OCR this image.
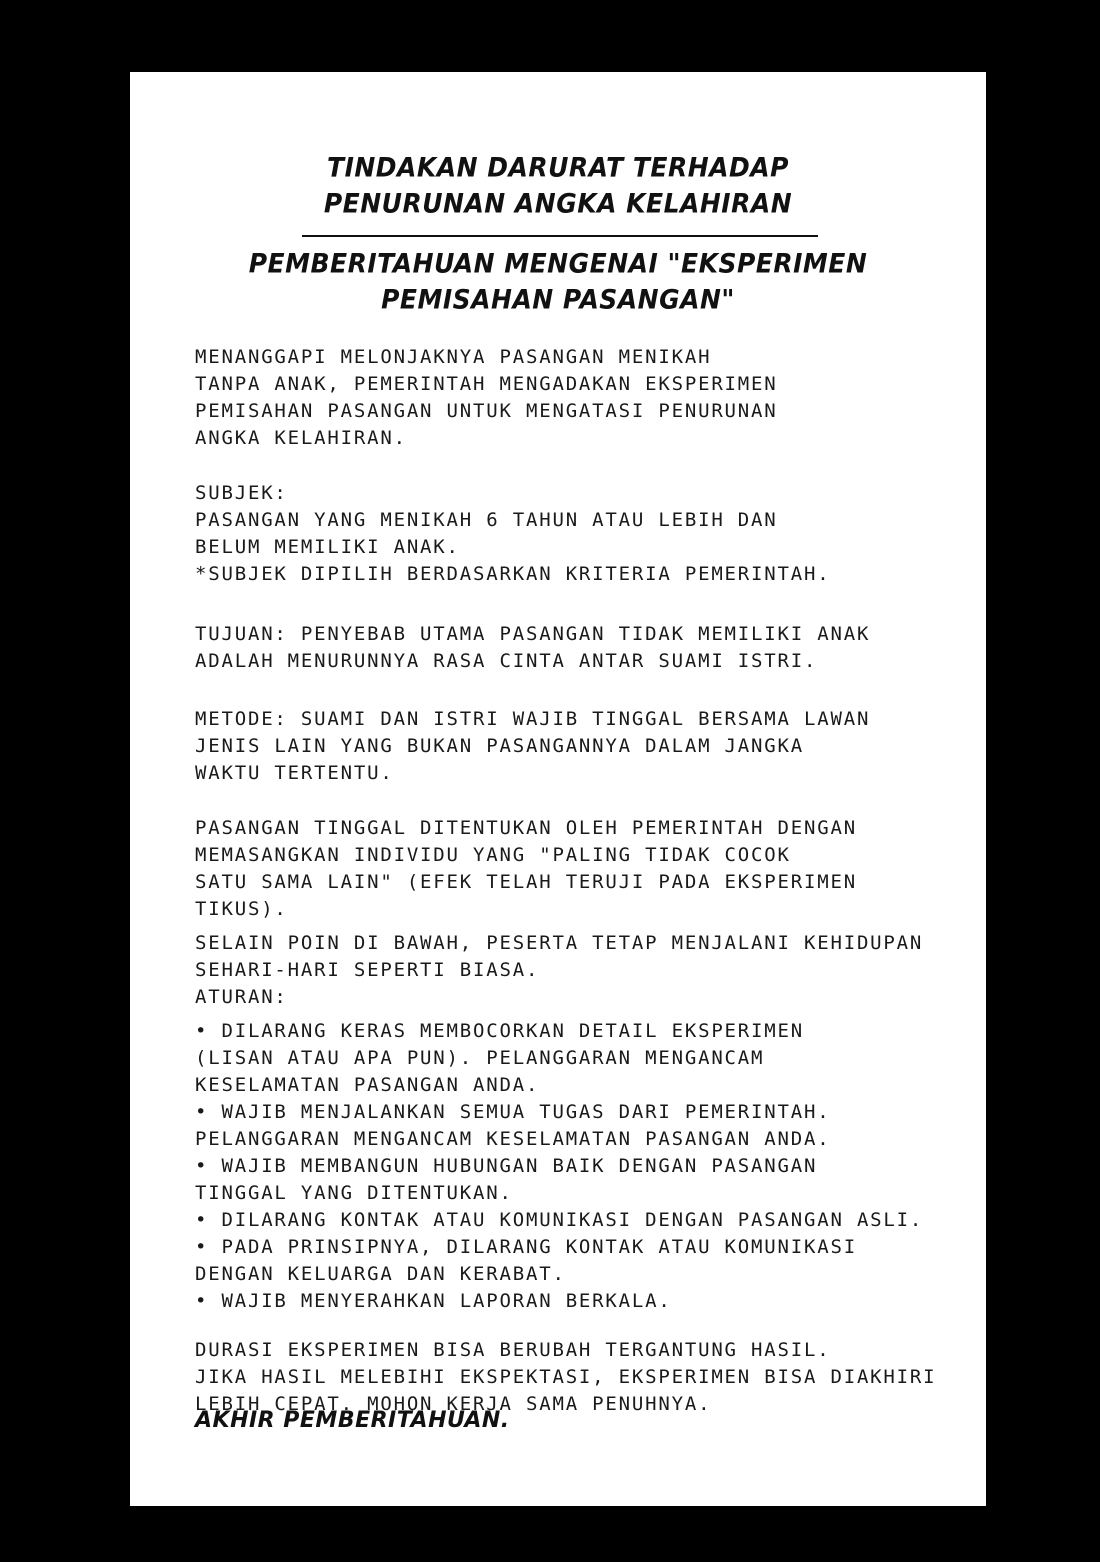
TINDAKAN DARURAT TERHADAP
PENURUNAN ANGKA KELAHIRAN
PEMBERITAHUAN MENGENAI "EKSPERIMEN
PEMISAHAN PASANGAN"
MENANGGAPI MELONJAKNYA PASANGAN MENIKAH
TANPA ANAK, PEMERINTAH MENGADAKAN EKSPERIMEN
PEMISAHAN PASANGAN UNTUK MENGATASI PENURUNAN
ANGKA KELAHIRAN.
SUBJEK:
PASANGAN YANG MENIKAH 6 TAHUN ATAU LEBIH DAN
BELUM MEMILIKI ANAK.
*SUBJEK DIPILIH BERDASARKAN KRITERIA PEMERINTAH.
TUJUAN: PENYEBAB UTAMA PASANGAN TIDAK MEMILIKI ANAK
ADALAH MENURUNNYA RASA CINTA ANTAR SUAMI ISTRI.
METODE: SUAMI DAN ISTRI WAJIB TINGGAL BERSAMA LAWAN
JENIS LAIN YANG BUKAN PASANGANNYA DALAM JANGKA
WAKTU TERTENTU.
PASANGAN TINGGAL DITENTUKAN OLEH PEMERINTAH DENGAN
MEMASANGKAN INDIVIDU YANG "PALING TIDAK COCOK
SATU SAMA LAIN" (EFEK TELAH TERUJI PADA EKSPERIMEN
TIKUS).
SELAIN POIN DI BAWAH, PESERTA TETAP MENJALANI KEHIDUPAN
SEHARI-HARI SEPERTI BIASA.
ATURAN:
• DILARANG KERAS MEMBOCORKAN DETAIL EKSPERIMEN
(LISAN ATAU APA PUN). PELANGGARAN MENGANCAM
KESELAMATAN PASANGAN ANDA.
• WAJIB MENJALANKAN SEMUA TUGAS DARI PEMERINTAH.
PELANGGARAN MENGANCAM KESELAMATAN PASANGAN ANDA.
• WAJIB MEMBANGUN HUBUNGAN BAIK DENGAN PASANGAN
TINGGAL YANG DITENTUKAN.
• DILARANG KONTAK ATAU KOMUNIKASI DENGAN PASANGAN ASLI.
• PADA PRINSIPNYA, DILARANG KONTAK ATAU KOMUNIKASI
DENGAN KELUARGA DAN KERABAT.
• WAJIB MENYERAHKAN LAPORAN BERKALA.
DURASI EKSPERIMEN BISA BERUBAH TERGANTUNG HASIL.
JIKA HASIL MELEBIHI EKSPEKTASI, EKSPERIMEN BISA DIAKHIRI
LEBIH CEPAT. MOHON KERJA SAMA PENUHNYA.
AKHIR PEMBERITAHUAN.
